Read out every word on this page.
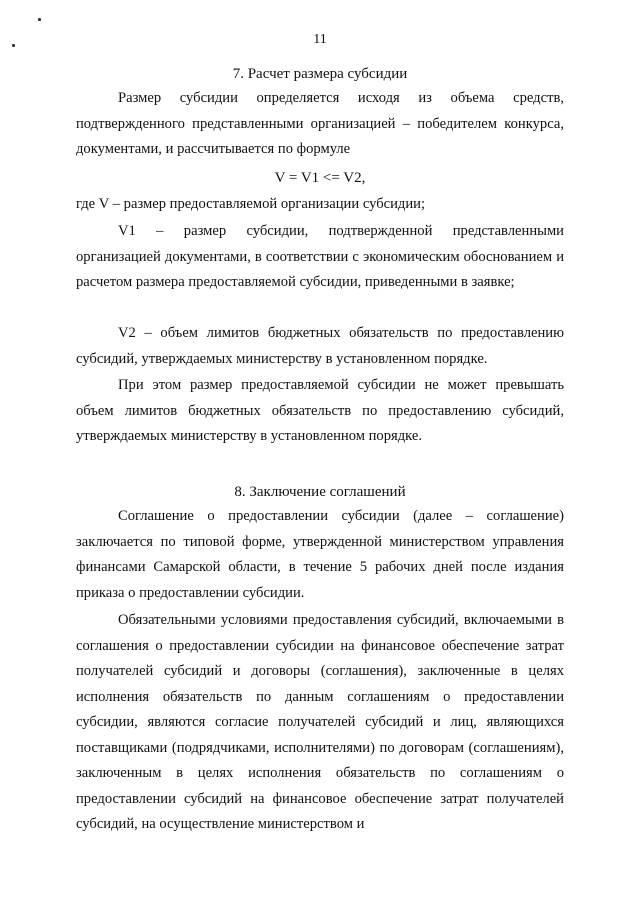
11
7. Расчет размера субсидии
Размер субсидии определяется исходя из объема средств, подтвержденного представленными организацией – победителем конкурса, документами, и рассчитывается по формуле
V = V1 <= V2,
где V – размер предоставляемой организации субсидии;
V1 – размер субсидии, подтвержденной представленными организацией документами, в соответствии с экономическим обоснованием и расчетом размера предоставляемой субсидии, приведенными в заявке;
V2 – объем лимитов бюджетных обязательств по предоставлению субсидий, утверждаемых министерству в установленном порядке.
При этом размер предоставляемой субсидии не может превышать объем лимитов бюджетных обязательств по предоставлению субсидий, утверждаемых министерству в установленном порядке.
8. Заключение соглашений
Соглашение о предоставлении субсидии (далее – соглашение) заключается по типовой форме, утвержденной министерством управления финансами Самарской области, в течение 5 рабочих дней после издания приказа о предоставлении субсидии.
Обязательными условиями предоставления субсидий, включаемыми в соглашения о предоставлении субсидии на финансовое обеспечение затрат получателей субсидий и договоры (соглашения), заключенные в целях исполнения обязательств по данным соглашениям о предоставлении субсидии, являются согласие получателей субсидий и лиц, являющихся поставщиками (подрядчиками, исполнителями) по договорам (соглашениям), заключенным в целях исполнения обязательств по соглашениям о предоставлении субсидий на финансовое обеспечение затрат получателей субсидий, на осуществление министерством и
